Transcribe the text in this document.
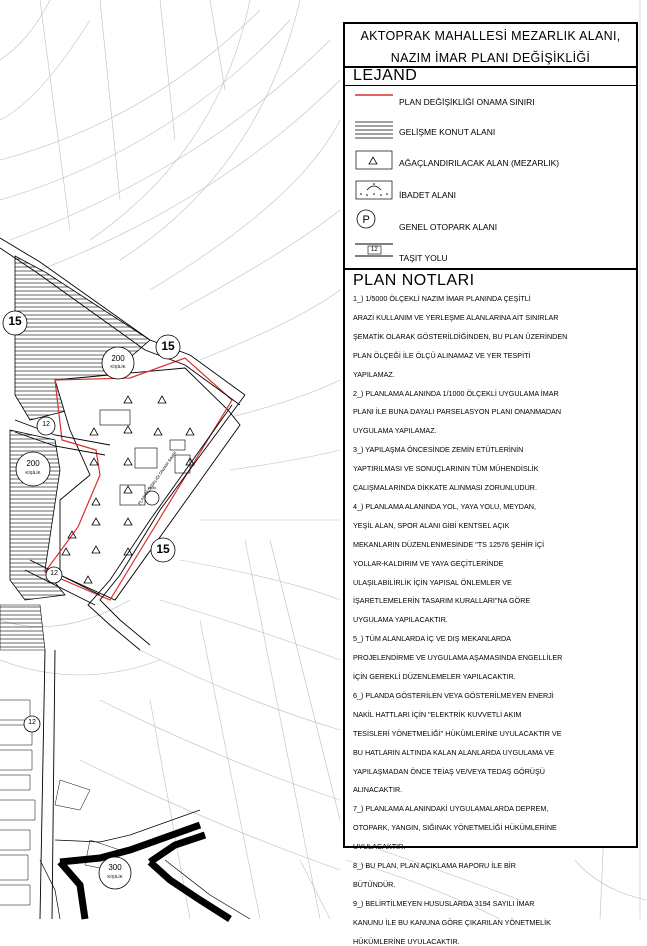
PLAN DEĞİŞİKLİĞİ ONAMA SINIRI
15
15
15
12
12
12
200
KİŞİLİK
200
KİŞİLİK
300
KİŞİLİK
AKTOPRAK MAHALLESİ MEZARLIK ALANI,
NAZIM İMAR PLANI DEĞİŞİKLİĞİ
LEJAND
PLAN DEĞİŞİKLİĞİ ONAMA SINIRI
GELİŞME KONUT ALANI
AĞAÇLANDIRILACAK ALAN (MEZARLIK)
İBADET ALANI
P
GENEL OTOPARK ALANI
12
TAŞIT YOLU
PLAN NOTLARI
1_) 1/5000 ÖLÇEKLİ NAZIM İMAR PLANINDA ÇEŞİTLİ
ARAZİ KULLANIM VE YERLEŞME ALANLARINA AİT SINIRLAR
ŞEMATİK OLARAK GÖSTERİLDİĞİNDEN, BU PLAN ÜZERİNDEN
PLAN ÖLÇEĞİ İLE ÖLÇÜ ALINAMAZ VE YER TESPİTİ
YAPILAMAZ.
2_) PLANLAMA ALANINDA 1/1000 ÖLÇEKLİ UYGULAMA İMAR
PLANI İLE BUNA DAYALI PARSELASYON PLANI ONANMADAN
UYGULAMA YAPILAMAZ.
3_) YAPILAŞMA ÖNCESİNDE ZEMİN ETÜTLERİNİN
YAPTIRILMASI VE SONUÇLARININ TÜM MÜHENDİSLİK
ÇALIŞMALARINDA DİKKATE ALINMASI ZORUNLUDUR.
4_) PLANLAMA ALANINDA YOL, YAYA YOLU, MEYDAN,
YEŞİL ALAN, SPOR ALANI GİBİ KENTSEL AÇIK
MEKANLARIN DÜZENLENMESİNDE "TS 12576 ŞEHİR İÇİ
YOLLAR-KALDIRIM VE YAYA GEÇİTLERİNDE
ULAŞILABİLİRLİK İÇİN YAPISAL ÖNLEMLER VE
İŞARETLEMELERİN TASARIM KURALLARI"NA GÖRE
UYGULAMA YAPILACAKTIR.
5_) TÜM ALANLARDA İÇ VE DIŞ MEKANLARDA
PROJELENDİRME VE UYGULAMA AŞAMASINDA ENGELLİLER
İÇİN GEREKLİ DÜZENLEMELER YAPILACAKTIR.
6_) PLANDA GÖSTERİLEN VEYA GÖSTERİLMEYEN ENERJİ
NAKİL HATTLARI İÇİN "ELEKTRİK KUVVETLİ AKIM
TESİSLERİ YÖNETMELİĞİ" HÜKÜMLERİNE UYULACAKTIR VE
BU HATLARIN ALTINDA KALAN ALANLARDA UYGULAMA VE
YAPILAŞMADAN ÖNCE TEİAŞ VE/VEYA TEDAŞ GÖRÜŞÜ
ALINACAKTIR.
7_) PLANLAMA ALANINDAKİ UYGULAMALARDA DEPREM,
OTOPARK, YANGIN, SIĞINAK YÖNETMELİĞİ HÜKÜMLERİNE
UYULACAKTIR.
8_) BU PLAN, PLAN AÇIKLAMA RAPORU İLE BİR
BÜTÜNDÜR.
9_) BELİRTİLMEYEN HUSUSLARDA 3194 SAYILI İMAR
KANUNU İLE BU KANUNA GÖRE ÇIKARILAN YÖNETMELİK
HÜKÜMLERİNE UYULACAKTIR.
